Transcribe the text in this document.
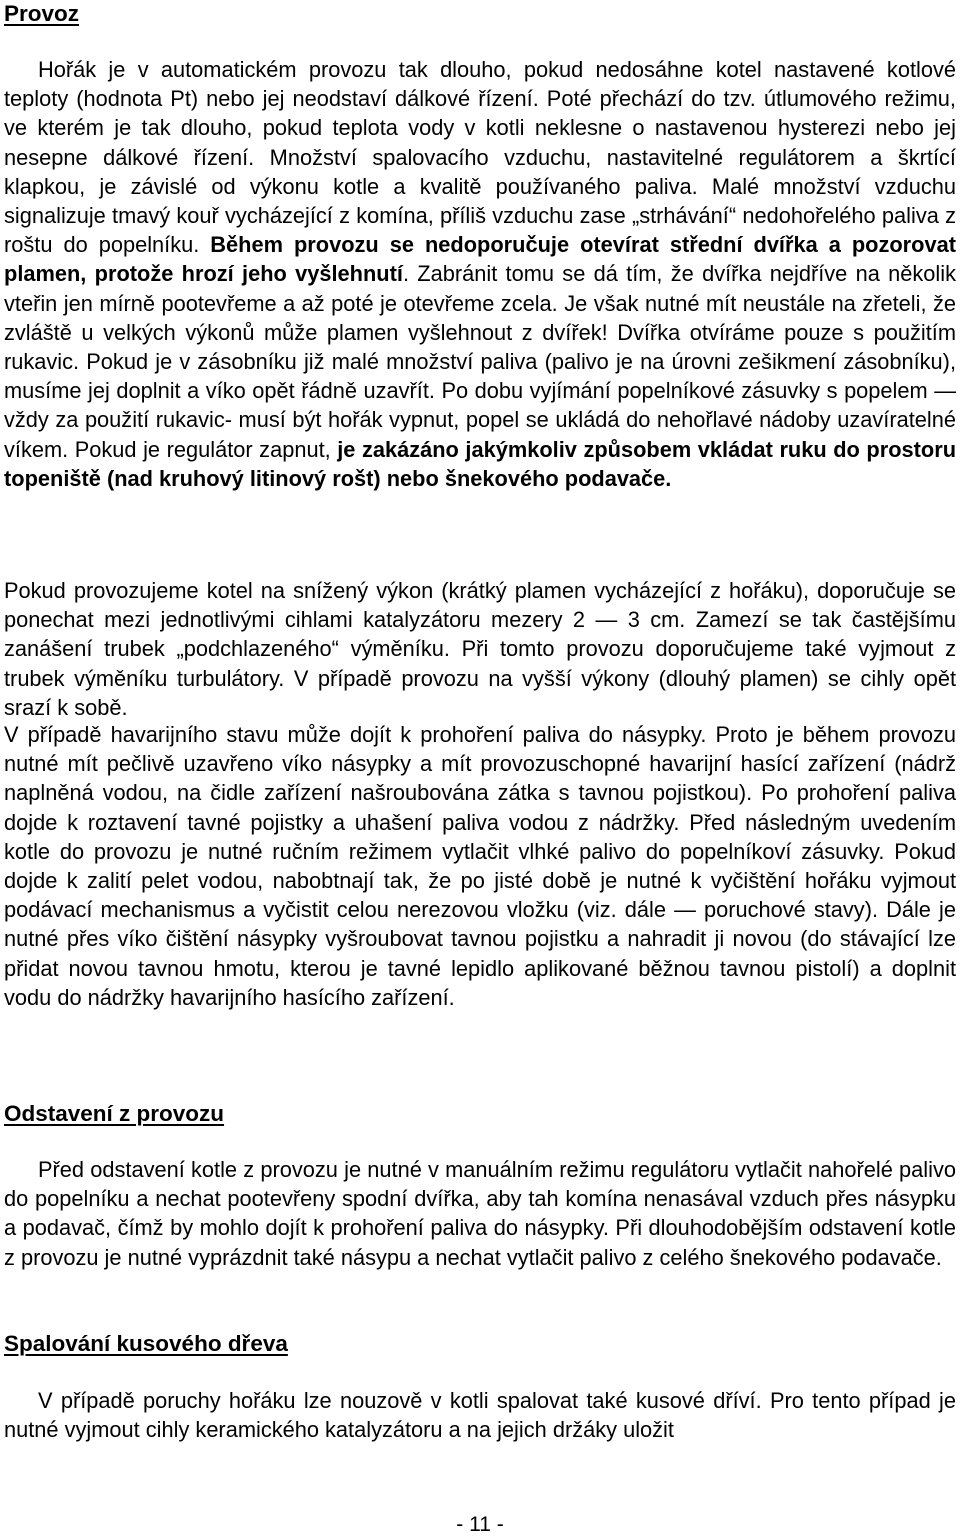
Provoz

Hořák je v automatickém provozu tak dlouho, pokud nedosáhne kotel nastavené kotlové teploty (hodnota Pt) nebo jej neodstaví dálkové řízení. Poté přechází do tzv. útlumového režimu, ve kterém je tak dlouho, pokud teplota vody v kotli neklesne o nastavenou hysterezi nebo jej nesepne dálkové řízení. Množství spalovacího vzduchu, nastavitelné regulátorem a škrtící klapkou, je závislé od výkonu kotle a kvalitě používaného paliva. Malé množství vzduchu signalizuje tmavý kouř vycházející z komína, příliš vzduchu zase „strhávání“ nedohořelého paliva z roštu do popelníku. Během provozu se nedoporučuje otevírat střední dvířka a pozorovat plamen, protože hrozí jeho vyšlehnutí. Zabránit tomu se dá tím, že dvířka nejdříve na několik vteřin jen mírně pootevřeme a až poté je otevřeme zcela. Je však nutné mít neustále na zřeteli, že zvláště u velkých výkonů může plamen vyšlehnout z dvířek! Dvířka otvíráme pouze s použitím rukavic. Pokud je v zásobníku již malé množství paliva (palivo je na úrovni zešikmení zásobníku), musíme jej doplnit a víko opět řádně uzavřít. Po dobu vyjímání popelníkové zásuvky s popelem — vždy za použití rukavic- musí být hořák vypnut, popel se ukládá do nehořlavé nádoby uzavíratelné víkem. Pokud je regulátor zapnut, je zakázáno jakýmkoliv způsobem vkládat ruku do prostoru topeniště (nad kruhový litinový rošt) nebo šnekového podavače.

Pokud provozujeme kotel na snížený výkon (krátký plamen vycházející z hořáku), doporučuje se ponechat mezi jednotlivými cihlami katalyzátoru mezery 2 — 3 cm. Zamezí se tak častějšímu zanášení trubek „podchlazeného“ výměníku. Při tomto provozu doporučujeme také vyjmout z trubek výměníku turbulátory. V případě provozu na vyšší výkony (dlouhý plamen) se cihly opět srazí k sobě.

V případě havarijního stavu může dojít k prohoření paliva do násypky. Proto je během provozu nutné mít pečlivě uzavřeno víko násypky a mít provozuschopné havarijní hasící zařízení (nádrž naplněná vodou, na čidle zařízení našroubována zátka s tavnou pojistkou). Po prohoření paliva dojde k roztavení tavné pojistky a uhašení paliva vodou z nádržky. Před následným uvedením kotle do provozu je nutné ručním režimem vytlačit vlhké palivo do popelníkoví zásuvky. Pokud dojde k zalití pelet vodou, nabobtnají tak, že po jisté době je nutné k vyčištění hořáku vyjmout podávací mechanismus a vyčistit celou nerezovou vložku (viz. dále — poruchové stavy). Dále je nutné přes víko čištění násypky vyšroubovat tavnou pojistku a nahradit ji novou (do stávající lze přidat novou tavnou hmotu, kterou je tavné lepidlo aplikované běžnou tavnou pistolí) a doplnit vodu do nádržky havarijního hasícího zařízení.

Odstavení z provozu

Před odstavení kotle z provozu je nutné v manuálním režimu regulátoru vytlačit nahořelé palivo do popelníku a nechat pootevřeny spodní dvířka, aby tah komína nenasával vzduch přes násypku a podavač, čímž by mohlo dojít k prohoření paliva do násypky. Při dlouhodobějším odstavení kotle z provozu je nutné vyprázdnit také násypu a nechat vytlačit palivo z celého šnekového podavače.

Spalování kusového dřeva

V případě poruchy hořáku lze nouzově v kotli spalovat také kusové dříví. Pro tento případ je nutné vyjmout cihly keramického katalyzátoru a na jejich držáky uložit

- 11 -
